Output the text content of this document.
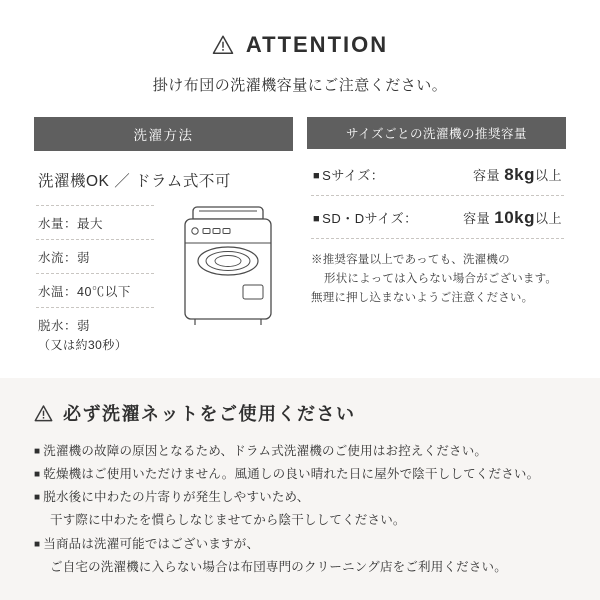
ATTENTION
掛け布団の洗濯機容量にご注意ください。
洗濯方法
洗濯機OK ／ ドラム式不可
水量：最大
水流：弱
水温：40℃以下
脱水：弱
（又は約30秒）
サイズごとの洗濯機の推奨容量
■ Sサイズ：	容量 8kg以上
■ SD・Dサイズ：	容量 10kg以上
※推奨容量以上であっても、洗濯機の
形状によっては入らない場合がございます。
無理に押し込まないようご注意ください。
必ず洗濯ネットをご使用ください
■ 洗濯機の故障の原因となるため、ドラム式洗濯機のご使用はお控えください。
■ 乾燥機はご使用いただけません。風通しの良い晴れた日に屋外で陰干ししてください。
■ 脱水後に中わたの片寄りが発生しやすいため、
干す際に中わたを慣らしなじませてから陰干ししてください。
■ 当商品は洗濯可能ではございますが、
ご自宅の洗濯機に入らない場合は布団専門のクリーニング店をご利用ください。
